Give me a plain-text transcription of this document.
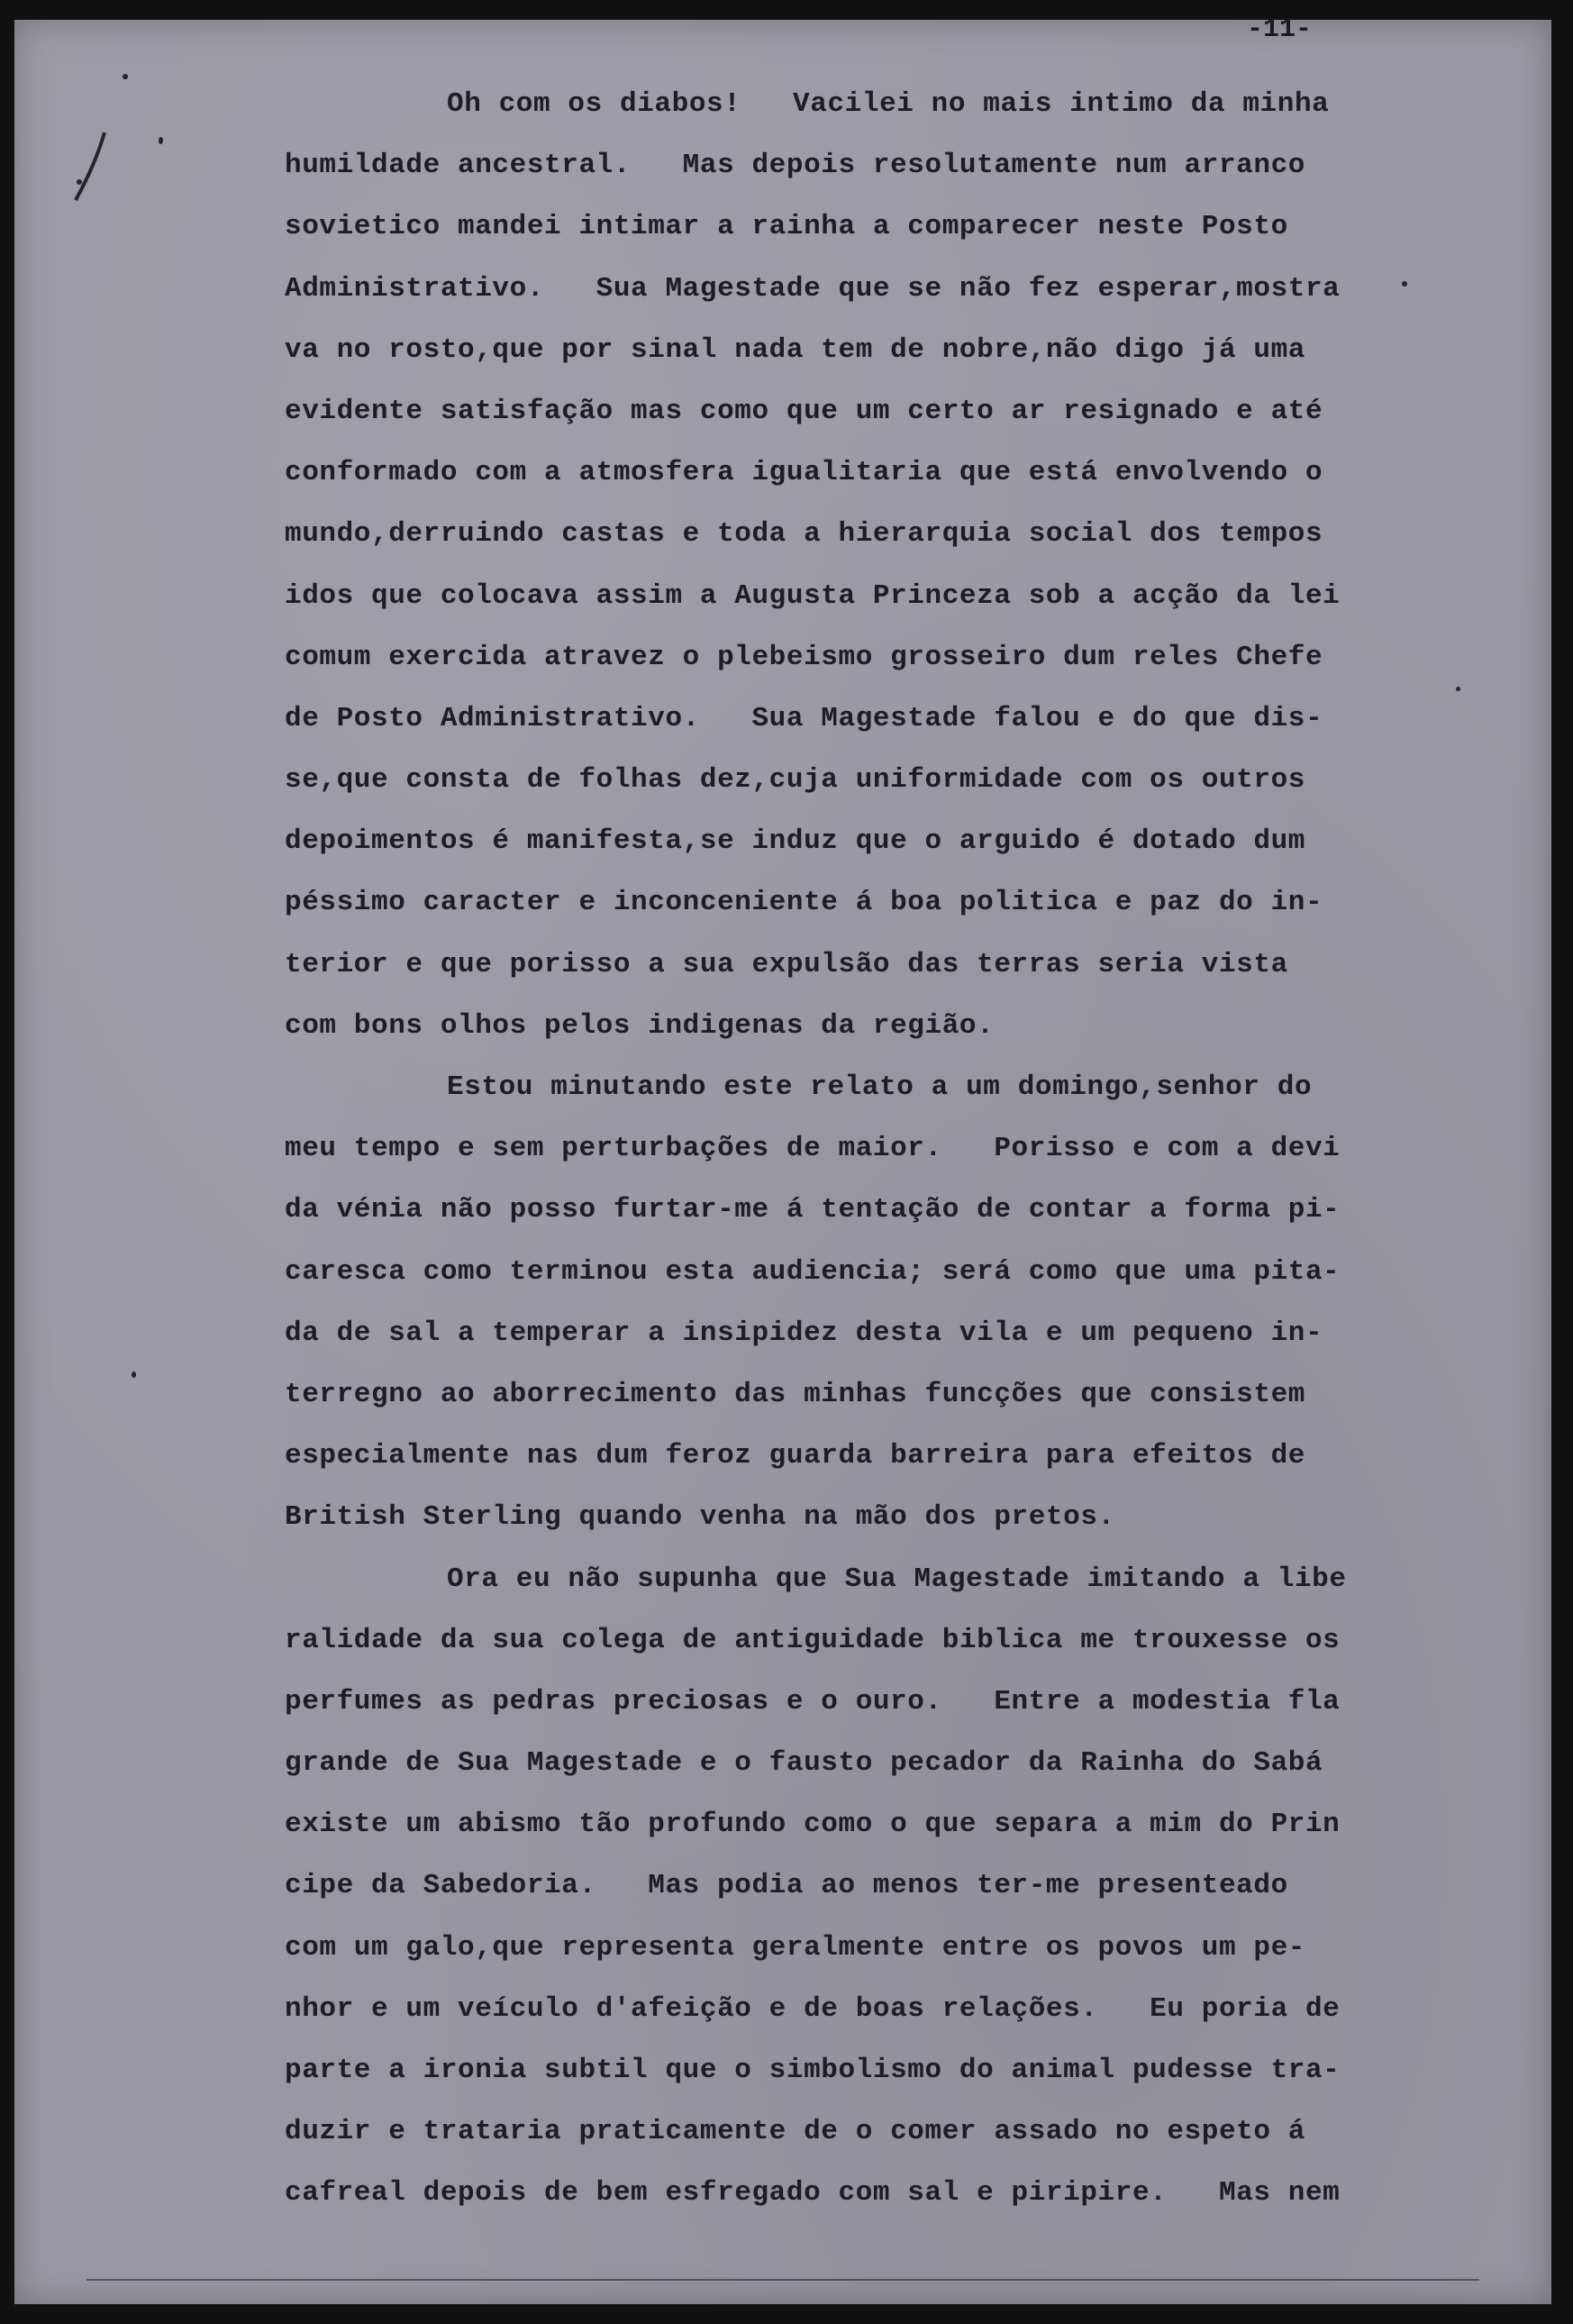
-11-
Oh com os diabos!   Vacilei no mais intimo da minha
humildade ancestral.   Mas depois resolutamente num arranco
sovietico mandei intimar a rainha a comparecer neste Posto
Administrativo.   Sua Magestade que se não fez esperar,mostra
va no rosto,que por sinal nada tem de nobre,não digo já uma
evidente satisfação mas como que um certo ar resignado e até
conformado com a atmosfera igualitaria que está envolvendo o
mundo,derruindo castas e toda a hierarquia social dos tempos
idos que colocava assim a Augusta Princeza sob a acção da lei
comum exercida atravez o plebeismo grosseiro dum reles Chefe
de Posto Administrativo.   Sua Magestade falou e do que dis-
se,que consta de folhas dez,cuja uniformidade com os outros
depoimentos é manifesta,se induz que o arguido é dotado dum
péssimo caracter e inconceniente á boa politica e paz do in-
terior e que porisso a sua expulsão das terras seria vista
com bons olhos pelos indigenas da região.
Estou minutando este relato a um domingo,senhor do
meu tempo e sem perturbações de maior.   Porisso e com a devi
da vénia não posso furtar-me á tentação de contar a forma pi-
caresca como terminou esta audiencia; será como que uma pita-
da de sal a temperar a insipidez desta vila e um pequeno in-
terregno ao aborrecimento das minhas funcções que consistem
especialmente nas dum feroz guarda barreira para efeitos de
British Sterling quando venha na mão dos pretos.
Ora eu não supunha que Sua Magestade imitando a libe
ralidade da sua colega de antiguidade biblica me trouxesse os
perfumes as pedras preciosas e o ouro.   Entre a modestia fla
grande de Sua Magestade e o fausto pecador da Rainha do Sabá
existe um abismo tão profundo como o que separa a mim do Prin
cipe da Sabedoria.   Mas podia ao menos ter-me presenteado
com um galo,que representa geralmente entre os povos um pe-
nhor e um veículo d'afeição e de boas relações.   Eu poria de
parte a ironia subtil que o simbolismo do animal pudesse tra-
duzir e trataria praticamente de o comer assado no espeto á
cafreal depois de bem esfregado com sal e piripire.   Mas nem
